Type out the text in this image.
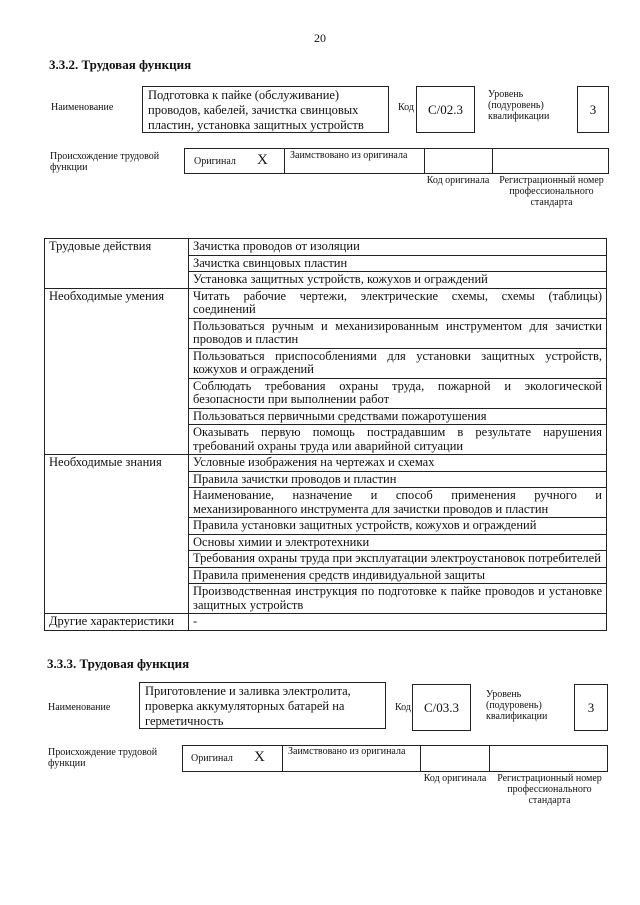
20
3.3.2. Трудовая функция
Наименование
Подготовка к пайке (обслуживание) проводов, кабелей, зачистка свинцовых пластин, установка защитных устройств
Код	С/02.3
Уровень (подуровень) квалификации	3
Происхождение трудовой функции
Оригинал X Заимствовано из оригинала
Код оригинала Регистрационный номер профессионального стандарта
Трудовые действия	Зачистка проводов от изоляции
	Зачистка свинцовых пластин
	Установка защитных устройств, кожухов и ограждений
Необходимые умения	Читать рабочие чертежи, электрические схемы, схемы (таблицы) соединений
	Пользоваться ручным и механизированным инструментом для зачистки проводов и пластин
	Пользоваться приспособлениями для установки защитных устройств, кожухов и ограждений
	Соблюдать требования охраны труда, пожарной и экологической безопасности при выполнении работ
	Пользоваться первичными средствами пожаротушения
	Оказывать первую помощь пострадавшим в результате нарушения требований охраны труда или аварийной ситуации
Необходимые знания	Условные изображения на чертежах и схемах
	Правила зачистки проводов и пластин
	Наименование, назначение и способ применения ручного и механизированного инструмента для зачистки проводов и пластин
	Правила установки защитных устройств, кожухов и ограждений
	Основы химии и электротехники
	Требования охраны труда при эксплуатации электроустановок потребителей
	Правила применения средств индивидуальной защиты
	Производственная инструкция по подготовке к пайке проводов и установке защитных устройств
Другие характеристики	-
3.3.3. Трудовая функция
Наименование
Приготовление и заливка электролита, проверка аккумуляторных батарей на герметичность
Код С/03.3
Уровень (подуровень) квалификации
3
Происхождение трудовой функции	Оригинал X Заимствовано из оригинала
Код оригинала	Регистрационный номер профессионального стандарта
